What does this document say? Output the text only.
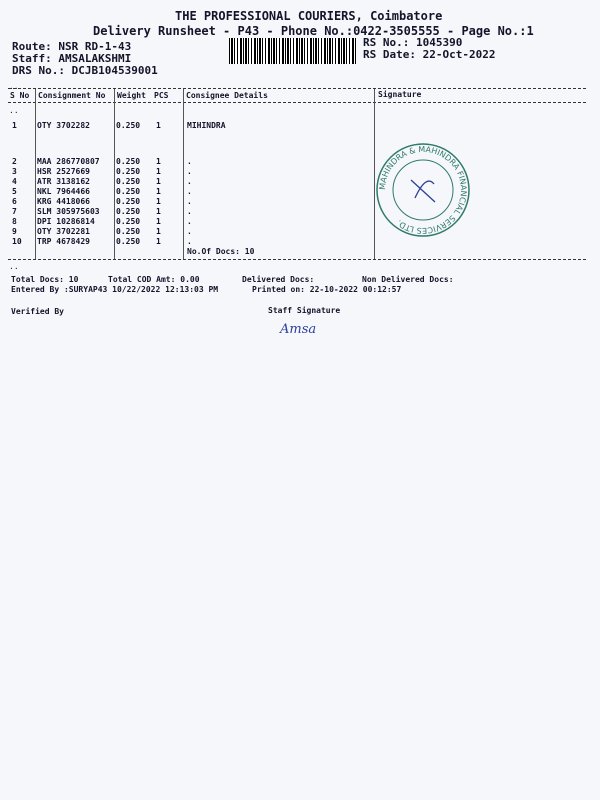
THE PROFESSIONAL COURIERS, Coimbatore
Delivery Runsheet - P43 - Phone No.:0422-3505555 - Page No.:1
Route: NSR RD-1-43
Staff: AMSALAKSHMI
DRS No.: DCJB104539001
RS No.: 1045390
RS Date: 22-Oct-2022
..
..
..
S No Consignment No Weight PCS Consignee Details	Signature
1	OTY 3702282	0.250 1	MIHINDRA
2	MAA 286770807 0.250 1	.
3	HSR 2527669	0.250 1	.
4	ATR 3138162	0.250 1	.
5	NKL 7964466	0.250 1	.
6	KRG 4418066	0.250 1	.
7	SLM 305975603 0.250 1	.
8	DPI 10286814	0.250 1	.
9	OTY 3702281	0.250 1	.
10 TRP 4678429	0.250 1	.
No.Of Docs: 10
MAHINDRA & MAHINDRA FINANCIAL SERVICES LTD.
Total Docs: 10	Total COD Amt: 0.00	Delivered Docs:	Non Delivered Docs:
Entered By :SURYAP43 10/22/2022 12:13:03 PM	Printed on: 22-10-2022 00:12:57
Verified By	Staff Signature
Amsa
